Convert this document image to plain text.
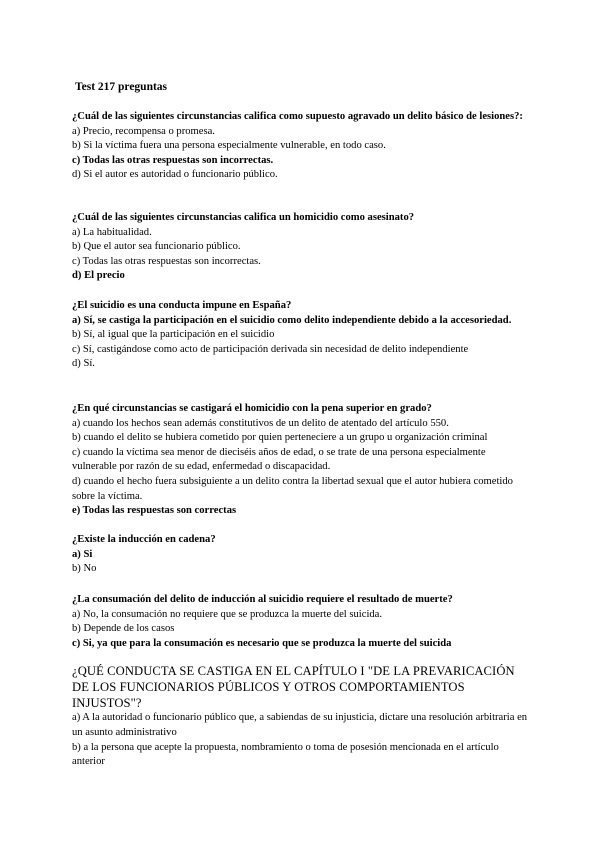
Test 217 preguntas

¿Cuál de las siguientes circunstancias califica como supuesto agravado un delito básico de lesiones?:

a) Precio, recompensa o promesa.

b) Si la víctima fuera una persona especialmente vulnerable, en todo caso.

c) Todas las otras respuestas son incorrectas.

d) Si el autor es autoridad o funcionario público.

¿Cuál de las siguientes circunstancias califica un homicidio como asesinato?

a) La habitualidad.

b) Que el autor sea funcionario público.

c) Todas las otras respuestas son incorrectas.

d) El precio

¿El suicidio es una conducta impune en España?

a) Sí, se castiga la participación en el suicidio como delito independiente debido a la accesoriedad.

b) Sí, al igual que la participación en el suicidio

c) Sí, castigándose como acto de participación derivada sin necesidad de delito independiente

d) Sí.

¿En qué circunstancias se castigará el homicidio con la pena superior en grado?

a) cuando los hechos sean además constitutivos de un delito de atentado del artículo 550.

b) cuando el delito se hubiera cometido por quien perteneciere a un grupo u organización criminal

c) cuando la víctima sea menor de dieciséis años de edad, o se trate de una persona especialmente vulnerable por razón de su edad, enfermedad o discapacidad.

d) cuando el hecho fuera subsiguiente a un delito contra la libertad sexual que el autor hubiera cometido sobre la víctima.

e) Todas las respuestas son correctas

¿Existe la inducción en cadena?

a) Si

b) No

¿La consumación del delito de inducción al suicidio requiere el resultado de muerte?

a) No, la consumación no requiere que se produzca la muerte del suicida.

b) Depende de los casos

c) Si, ya que para la consumación es necesario que se produzca la muerte del suicida

¿QUÉ CONDUCTA SE CASTIGA EN EL CAPÍTULO I "DE LA PREVARICACIÓN DE LOS FUNCIONARIOS PÚBLICOS Y OTROS COMPORTAMIENTOS INJUSTOS"?

a) A la autoridad o funcionario público que, a sabiendas de su injusticia, dictare una resolución arbitraria en un asunto administrativo

b) a la persona que acepte la propuesta, nombramiento o toma de posesión mencionada en el artículo anterior
